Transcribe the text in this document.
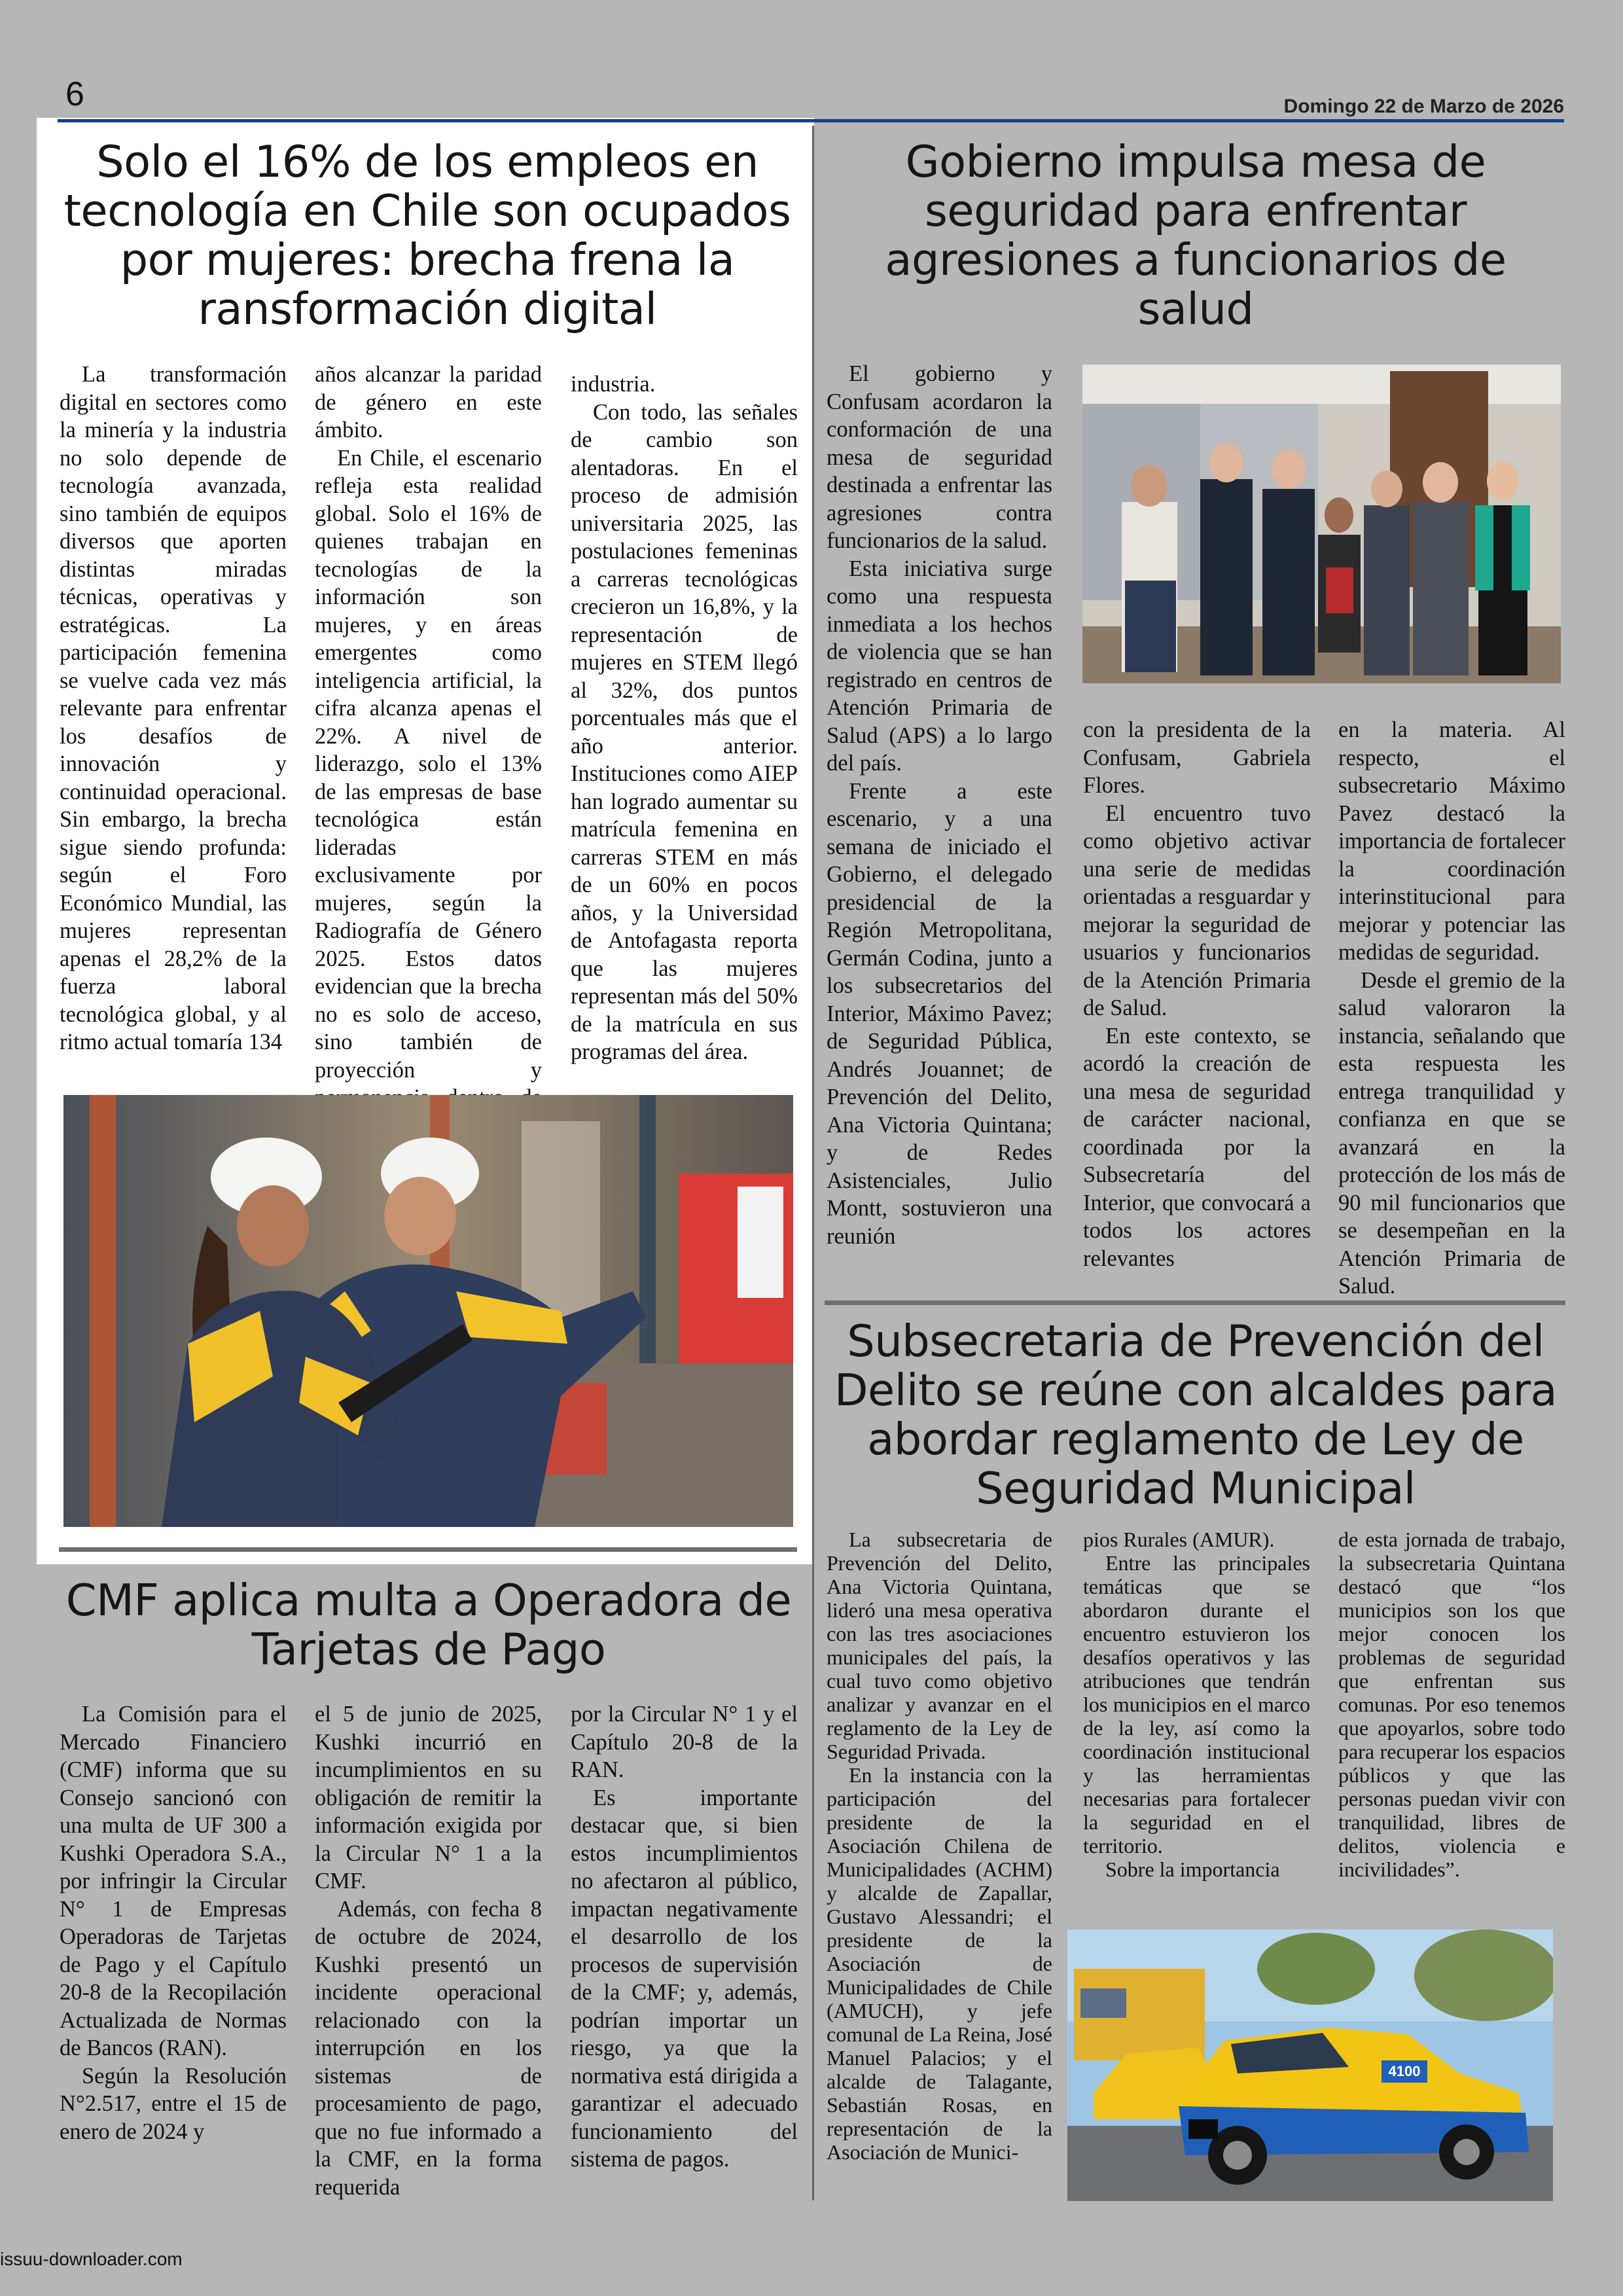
6	Domingo 22 de Marzo de 2026
Solo el 16% de los empleos en tecnología en Chile son ocupados por mujeres: brecha frena la ransformación digital

La transformación digital en sectores como la minería y la industria no solo depende de tecnología avanzada, sino también de equipos diversos que aporten distintas miradas técnicas, operativas y estratégicas. La participación femenina se vuelve cada vez más relevante para enfrentar los desafíos de innovación y continuidad operacional. Sin embargo, la brecha sigue siendo profunda: según el Foro Económico Mundial, las mujeres representan apenas el 28,2% de la fuerza laboral tecnológica global, y al ritmo actual tomaría 134

años alcanzar la paridad de género en este ámbito.

En Chile, el escenario refleja esta realidad global. Solo el 16% de quienes trabajan en tecnologías de la información son mujeres, y en áreas emergentes como inteligencia artificial, la cifra alcanza apenas el 22%. A nivel de liderazgo, solo el 13% de las empresas de base tecnológica están lideradas exclusivamente por mujeres, según la Radiografía de Género 2025. Estos datos evidencian que la brecha no es solo de acceso, sino también de proyección y

industria.

Con todo, las señales de cambio son alentadoras. En el proceso de admisión universitaria 2025, las postulaciones femeninas a carreras tecnológicas crecieron un 16,8%, y la representación de mujeres en STEM llegó al 32%, dos puntos porcentuales más que el año anterior. Instituciones como AIEP han logrado aumentar su matrícula femenina en carreras STEM en más de un 60% en pocos años, y la Universidad de Antofagasta reporta que las mujeres representan más del 50% de la matrícula en sus programas del área.

Gobierno impulsa mesa de seguridad para enfrentar agresiones a funcionarios de salud

El gobierno y Confusam acordaron la conformación de una mesa de seguridad destinada a enfrentar las agresiones contra funcionarios de la salud.

Esta iniciativa surge como una respuesta inmediata a los hechos de violencia que se han registrado en centros de Atención Primaria de Salud (APS) a lo largo del país.

Frente a este escenario, y a una semana de iniciado el Gobierno, el delegado presidencial de la Región Metropolitana, Germán Codina, junto a los subsecretarios del Interior, Máximo Pavez; de Seguridad Pública, Andrés Jouannet; de Prevención del Delito, Ana Victoria Quintana; y de Redes Asistenciales, Julio Montt, sostuvieron una reunión

con la presidenta de la Confusam, Gabriela Flores.

El encuentro tuvo como objetivo activar una serie de medidas orientadas a resguardar y mejorar la seguridad de usuarios y funcionarios de la Atención Primaria de Salud.

En este contexto, se acordó la creación de una mesa de seguridad de carácter nacional, coordinada por la Subsecretaría del Interior, que convocará a todos los actores relevantes

en la materia. Al respecto, el subsecretario Máximo Pavez destacó la importancia de fortalecer la coordinación interinstitucional para mejorar y potenciar las medidas de seguridad.

Desde el gremio de la salud valoraron la instancia, señalando que esta respuesta les entrega tranquilidad y confianza en que se avanzará en la protección de los más de 90 mil funcionarios que se desempeñan en la Atención Primaria de Salud.

CMF aplica multa a Operadora de Tarjetas de Pago

La Comisión para el Mercado Financiero (CMF) informa que su Consejo sancionó con una multa de UF 300 a Kushki Operadora S.A., por infringir la Circular N° 1 de Empresas Operadoras de Tarjetas de Pago y el Capítulo 20-8 de la Recopilación Actualizada de Normas de Bancos (RAN).

Según la Resolución N°2.517, entre el 15 de enero de 2024 y

el 5 de junio de 2025, Kushki incurrió en incumplimientos en su obligación de remitir la información exigida por la Circular N° 1 a la CMF.

Además, con fecha 8 de octubre de 2024, Kushki presentó un incidente operacional relacionado con la interrupción en los sistemas de procesamiento de pago, que no fue informado a la CMF, en la forma requerida

por la Circular N° 1 y el Capítulo 20-8 de la RAN.

Es importante destacar que, si bien estos incumplimientos no afectaron al público, impactan negativamente el desarrollo de los procesos de supervisión de la CMF; y, además, podrían importar un riesgo, ya que la normativa está dirigida a garantizar el adecuado funcionamiento del sistema de pagos.

Subsecretaria de Prevención del Delito se reúne con alcaldes para abordar reglamento de Ley de Seguridad Municipal

La subsecretaria de Prevención del Delito, Ana Victoria Quintana, lideró una mesa operativa con las tres asociaciones municipales del país, la cual tuvo como objetivo analizar y avanzar en el reglamento de la Ley de Seguridad Privada.

En la instancia con la participación del presidente de la Asociación Chilena de Municipalidades (ACHM) y alcalde de Zapallar, Gustavo Alessandri; el presidente de la Asociación de Municipalidades de Chile (AMUCH), y jefe comunal de La Reina, José Manuel Palacios; y el alcalde de Talagante, Sebastián Rosas, en representación de la Asociación de Munici-

pios Rurales (AMUR).

Entre las principales temáticas que se abordaron durante el encuentro estuvieron los desafíos operativos y las atribuciones que tendrán los municipios en el marco de la ley, así como la coordinación institucional y las herramientas necesarias para fortalecer la seguridad en el territorio.

Sobre la importancia

de esta jornada de trabajo, la subsecretaria Quintana destacó que “los municipios son los que mejor conocen los problemas de seguridad que enfrentan sus comunas. Por eso tenemos que apoyarlos, sobre todo para recuperar los espacios públicos y que las personas puedan vivir con tranquilidad, libres de delitos, violencia e incivilidades”.

4100
issuu-downloader.com
